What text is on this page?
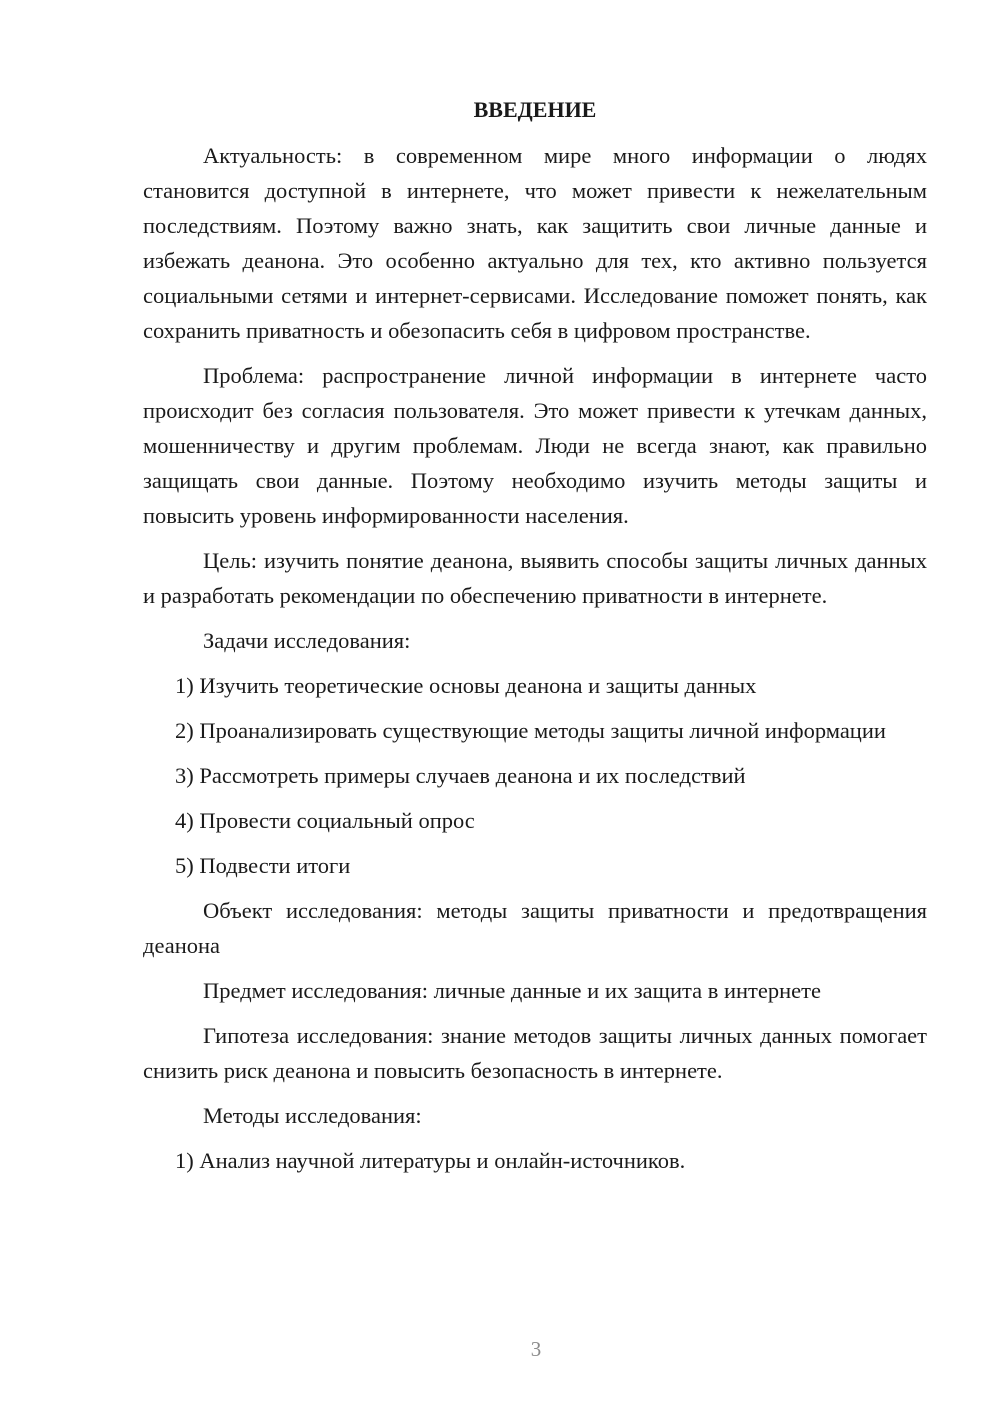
ВВЕДЕНИЕ

Актуальность: в современном мире много информации о людях становится доступной в интернете, что может привести к нежелательным последствиям. Поэтому важно знать, как защитить свои личные данные и избежать деанона. Это особенно актуально для тех, кто активно пользуется социальными сетями и интернет-сервисами. Исследование поможет понять, как сохранить приватность и обезопасить себя в цифровом пространстве.

Проблема: распространение личной информации в интернете часто происходит без согласия пользователя. Это может привести к утечкам данных, мошенничеству и другим проблемам. Люди не всегда знают, как правильно защищать свои данные. Поэтому необходимо изучить методы защиты и повысить уровень информированности населения.

Цель: изучить понятие деанона, выявить способы защиты личных данных и разработать рекомендации по обеспечению приватности в интернете.

Задачи исследования:

1) Изучить теоретические основы деанона и защиты данных

2) Проанализировать существующие методы защиты личной информации

3) Рассмотреть примеры случаев деанона и их последствий

4) Провести социальный опрос

5) Подвести итоги

Объект исследования: методы защиты приватности и предотвращения деанона

Предмет исследования: личные данные и их защита в интернете

Гипотеза исследования: знание методов защиты личных данных помогает снизить риск деанона и повысить безопасность в интернете.

Методы исследования:

1) Анализ научной литературы и онлайн-источников.

3
